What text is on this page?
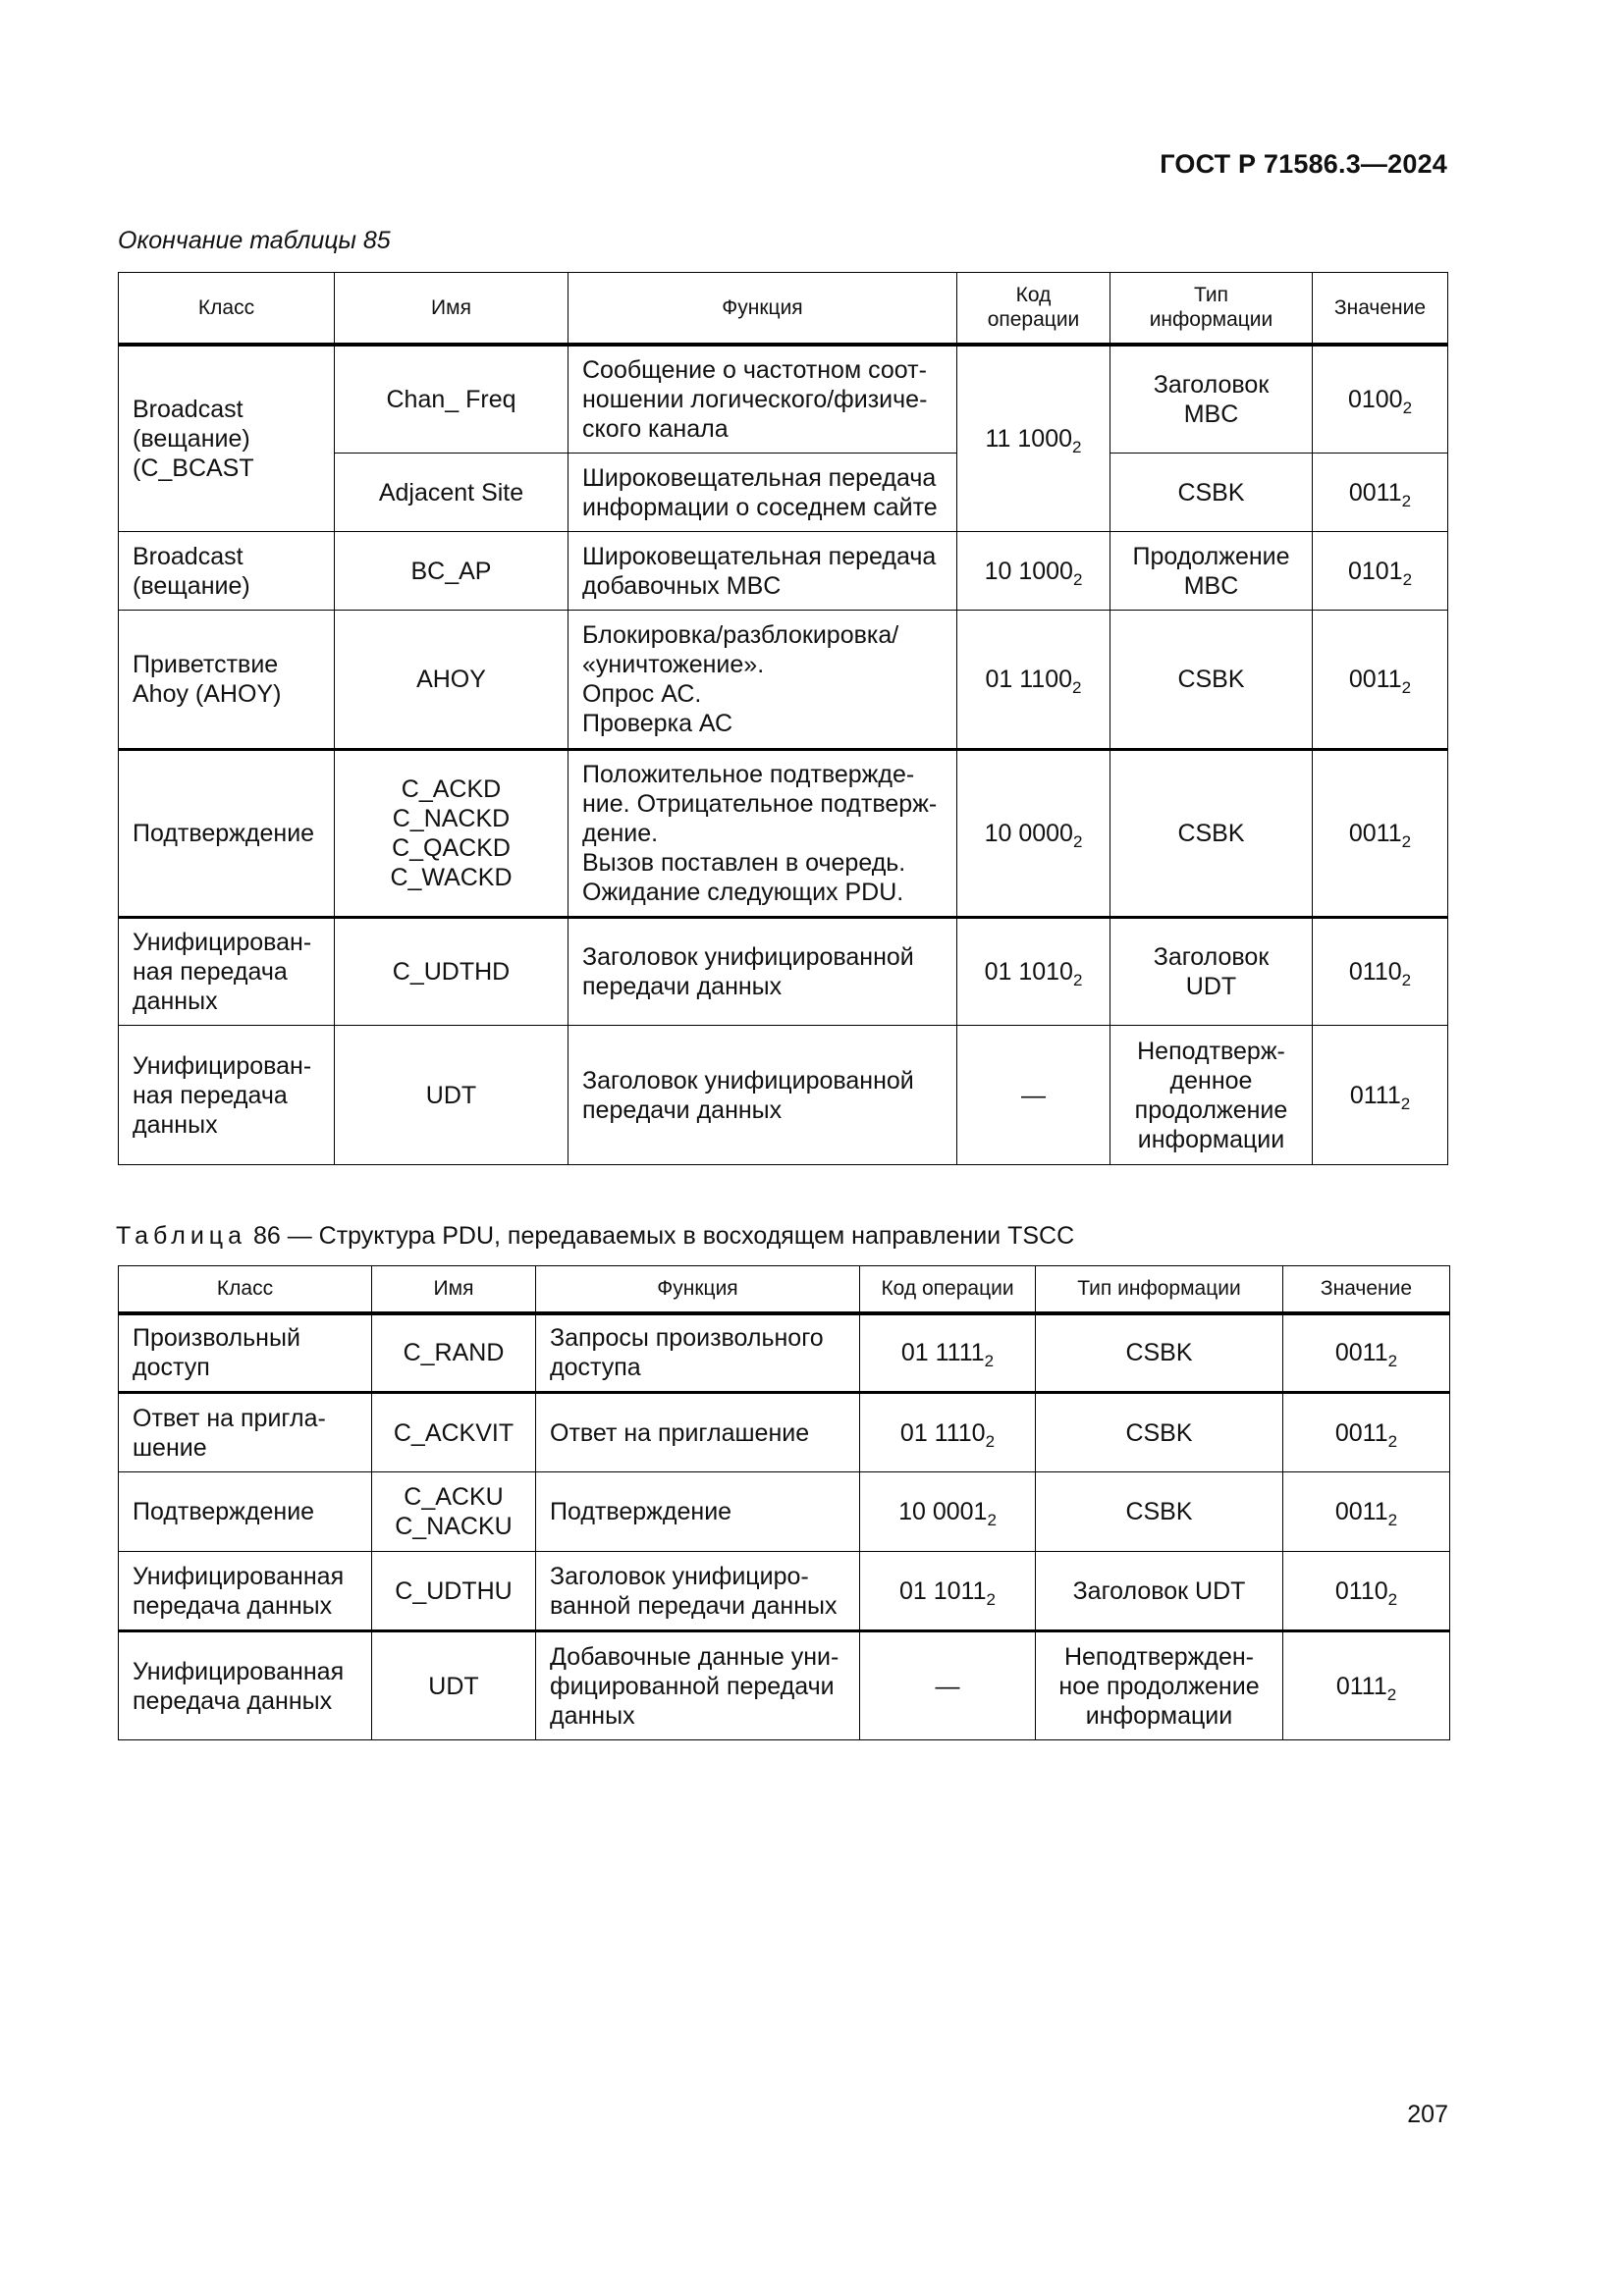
ГОСТ Р 71586.3—2024
Окончание таблицы 85
Класс	Имя	Функция	Код
операции	Тип
информации	Значение
Broadcast
(вещание)
(C_BCAST	Chan_ Freq	Сообщение о частотном соот-
ношении логического/физиче-
ского канала	11 $1000_2$	Заголовок
MBC	$0100_2$
	Adjacent Site	Широковещательная передача
информации о соседнем сайте		CSBK	$0011_2$
Broadcast
(вещание)	BC_AP	Широковещательная передача
добавочных MBC	10 $1000_2$	Продолжение
MBC	$0101_2$
Приветствие
Ahoy (AHOY)	AHOY	Блокировка/разблокировка/
«уничтожение».
Опрос АС.
Проверка АС	01 $1100_2$	CSBK	$0011_2$
Подтверждение	C_ACKD
C_NACKD
C_QACKD
C_WACKD	Положительное подтвержде-
ние. Отрицательное подтверж-
дение.
Вызов поставлен в очередь.
Ожидание следующих PDU.	10 $0000_2$	CSBK	$0011_2$
Унифицирован-
ная передача
данных	C_UDTHD	Заголовок унифицированной
передачи данных	01 $1010_2$	Заголовок
UDT	$0110_2$
Унифицирован-
ная передача
данных	UDT	Заголовок унифицированной
передачи данных	—	Неподтверж-
денное
продолжение
информации	$0111_2$
Таблица 86 — Структура PDU, передаваемых в восходящем направлении TSCC
Класс	Имя	Функция	Код операции	Тип информации	Значение
Произвольный
доступ	C_RAND	Запросы произвольного
доступа	01 $1111_2$	CSBK	$0011_2$
Ответ на пригла-
шение	C_ACKVIT	Ответ на приглашение	01 $1110_2$	CSBK	$0011_2$
Подтверждение	C_ACKU
C_NACKU	Подтверждение	10 $0001_2$	CSBK	$0011_2$
Унифицированная
передача данных	C_UDTHU	Заголовок унифициро-
ванной передачи данных	01 $1011_2$	Заголовок UDT	$0110_2$
Унифицированная
передача данных	UDT	Добавочные данные уни-
фицированной передачи
данных	—	Неподтвержден-
ное продолжение
информации	$0111_2$
207
